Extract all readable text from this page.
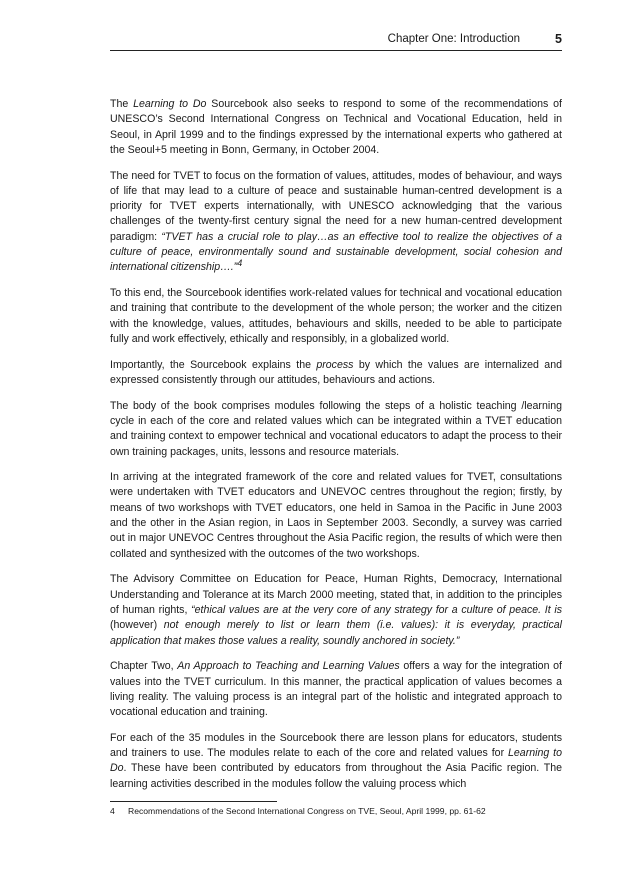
Chapter One: Introduction	5

The Learning to Do Sourcebook also seeks to respond to some of the recommendations of UNESCO’s Second International Congress on Technical and Vocational Education, held in Seoul, in April 1999 and to the findings expressed by the international experts who gathered at the Seoul+5 meeting in Bonn, Germany, in October 2004.

The need for TVET to focus on the formation of values, attitudes, modes of behaviour, and ways of life that may lead to a culture of peace and sustainable human-centred development is a priority for TVET experts internationally, with UNESCO acknowledging that the various challenges of the twenty-first century signal the need for a new human-centred development paradigm: “TVET has a crucial role to play…as an effective tool to realize the objectives of a culture of peace, environmentally sound and sustainable development, social cohesion and international citizenship….”$^4$

To this end, the Sourcebook identifies work-related values for technical and vocational education and training that contribute to the development of the whole person; the worker and the citizen with the knowledge, values, attitudes, behaviours and skills, needed to be able to participate fully and work effectively, ethically and responsibly, in a globalized world.

Importantly, the Sourcebook explains the process by which the values are internalized and expressed consistently through our attitudes, behaviours and actions.

The body of the book comprises modules following the steps of a holistic teaching /learning cycle in each of the core and related values which can be integrated within a TVET education and training context to empower technical and vocational educators to adapt the process to their own training packages, units, lessons and resource materials.

In arriving at the integrated framework of the core and related values for TVET, consultations were undertaken with TVET educators and UNEVOC centres throughout the region; firstly, by means of two workshops with TVET educators, one held in Samoa in the Pacific in June 2003 and the other in the Asian region, in Laos in September 2003. Secondly, a survey was carried out in major UNEVOC Centres throughout the Asia Pacific region, the results of which were then collated and synthesized with the outcomes of the two workshops.

The Advisory Committee on Education for Peace, Human Rights, Democracy, International Understanding and Tolerance at its March 2000 meeting, stated that, in addition to the principles of human rights, “ethical values are at the very core of any strategy for a culture of peace. It is (however) not enough merely to list or learn them (i.e. values): it is everyday, practical application that makes those values a reality, soundly anchored in society.”

Chapter Two, An Approach to Teaching and Learning Values offers a way for the integration of values into the TVET curriculum. In this manner, the practical application of values becomes a living reality. The valuing process is an integral part of the holistic and integrated approach to vocational education and training.

For each of the 35 modules in the Sourcebook there are lesson plans for educators, students and trainers to use. The modules relate to each of the core and related values for Learning to Do. These have been contributed by educators from throughout the Asia Pacific region. The learning activities described in the modules follow the valuing process which

4 Recommendations of the Second International Congress on TVE, Seoul, April 1999, pp. 61-62
